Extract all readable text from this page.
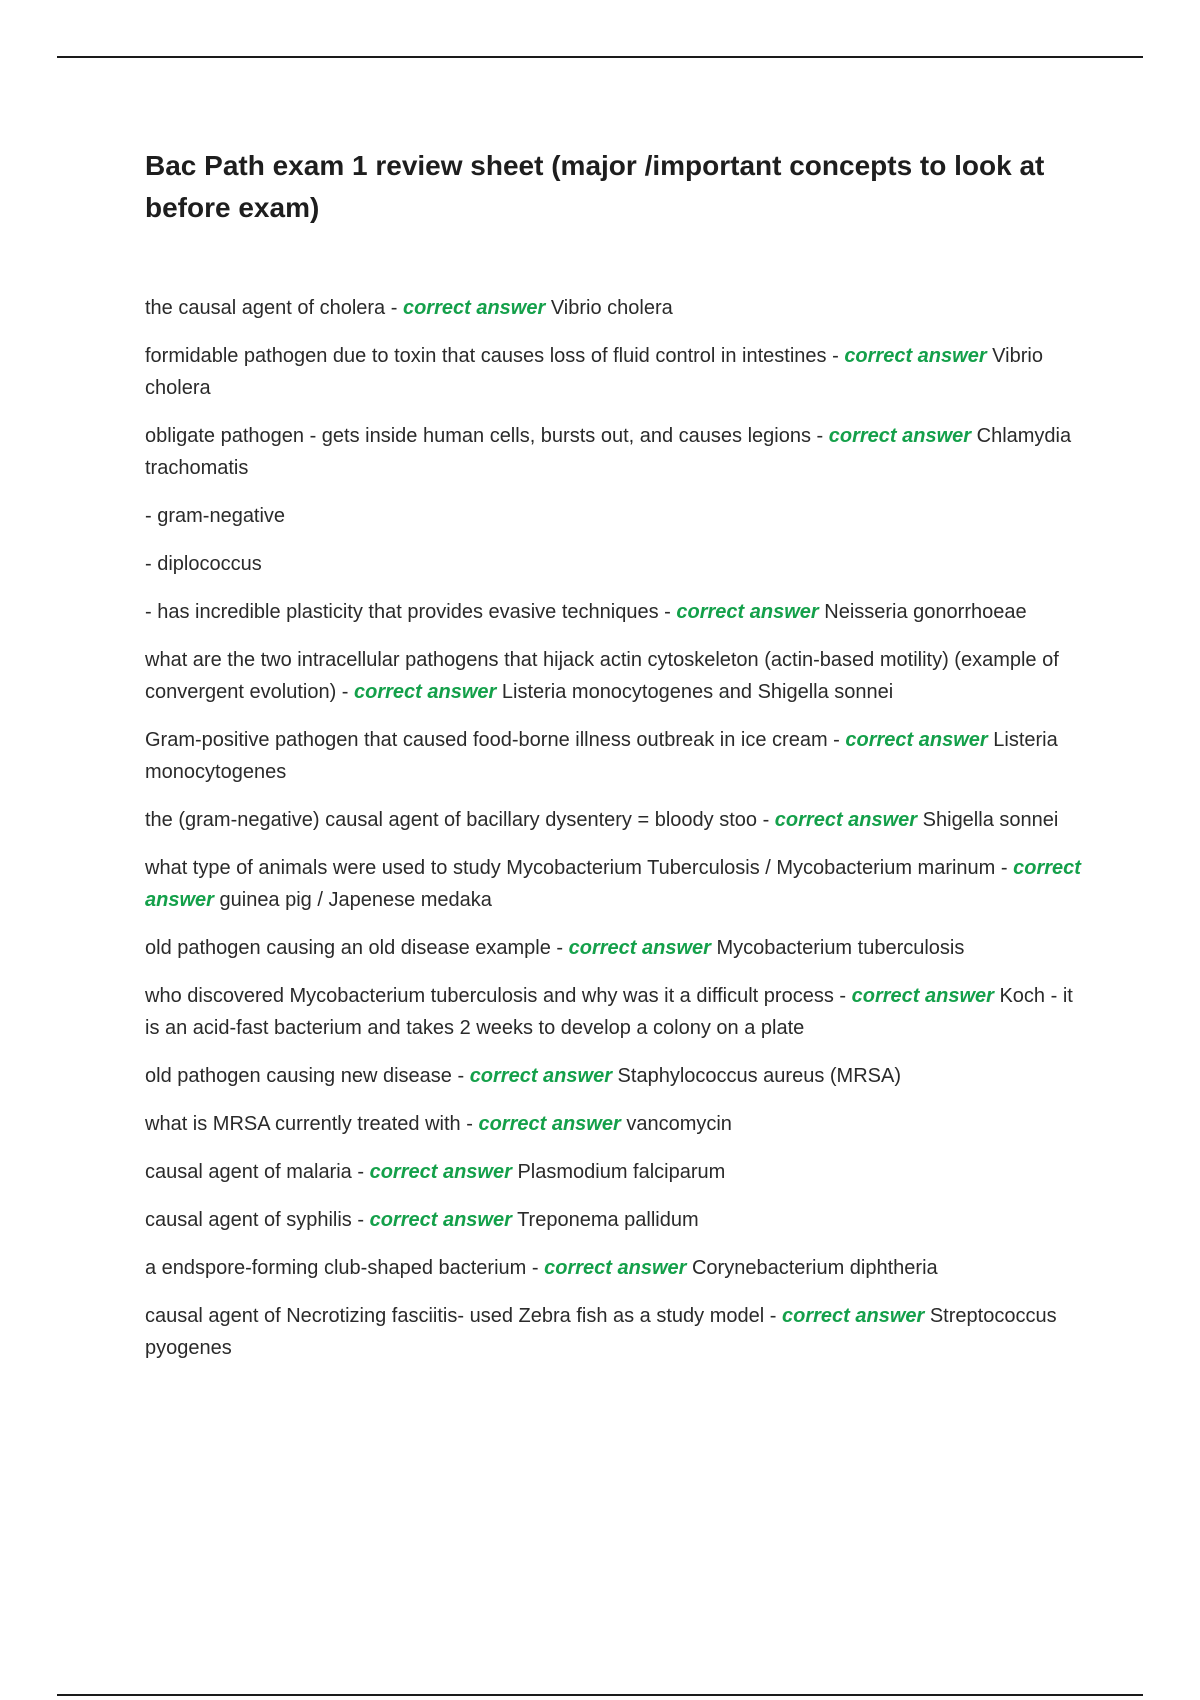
Bac Path exam 1 review sheet (major /important concepts to look at before exam)
the causal agent of cholera - correct answer Vibrio cholera
formidable pathogen due to toxin that causes loss of fluid control in intestines - correct answer Vibrio cholera
obligate pathogen - gets inside human cells, bursts out, and causes legions - correct answer Chlamydia trachomatis
- gram-negative
- diplococcus
- has incredible plasticity that provides evasive techniques - correct answer Neisseria gonorrhoeae
what are the two intracellular pathogens that hijack actin cytoskeleton (actin-based motility) (example of convergent evolution) - correct answer Listeria monocytogenes and Shigella sonnei
Gram-positive pathogen that caused food-borne illness outbreak in ice cream - correct answer Listeria monocytogenes
the (gram-negative) causal agent of bacillary dysentery = bloody stoo - correct answer Shigella sonnei
what type of animals were used to study Mycobacterium Tuberculosis / Mycobacterium marinum - correct answer guinea pig / Japenese medaka
old pathogen causing an old disease example - correct answer Mycobacterium tuberculosis
who discovered Mycobacterium tuberculosis and why was it a difficult process - correct answer Koch - it is an acid-fast bacterium and takes 2 weeks to develop a colony on a plate
old pathogen causing new disease - correct answer Staphylococcus aureus (MRSA)
what is MRSA currently treated with - correct answer vancomycin
causal agent of malaria - correct answer Plasmodium falciparum
causal agent of syphilis - correct answer Treponema pallidum
a endspore-forming club-shaped bacterium - correct answer Corynebacterium diphtheria
causal agent of Necrotizing fasciitis- used Zebra fish as a study model - correct answer Streptococcus pyogenes
